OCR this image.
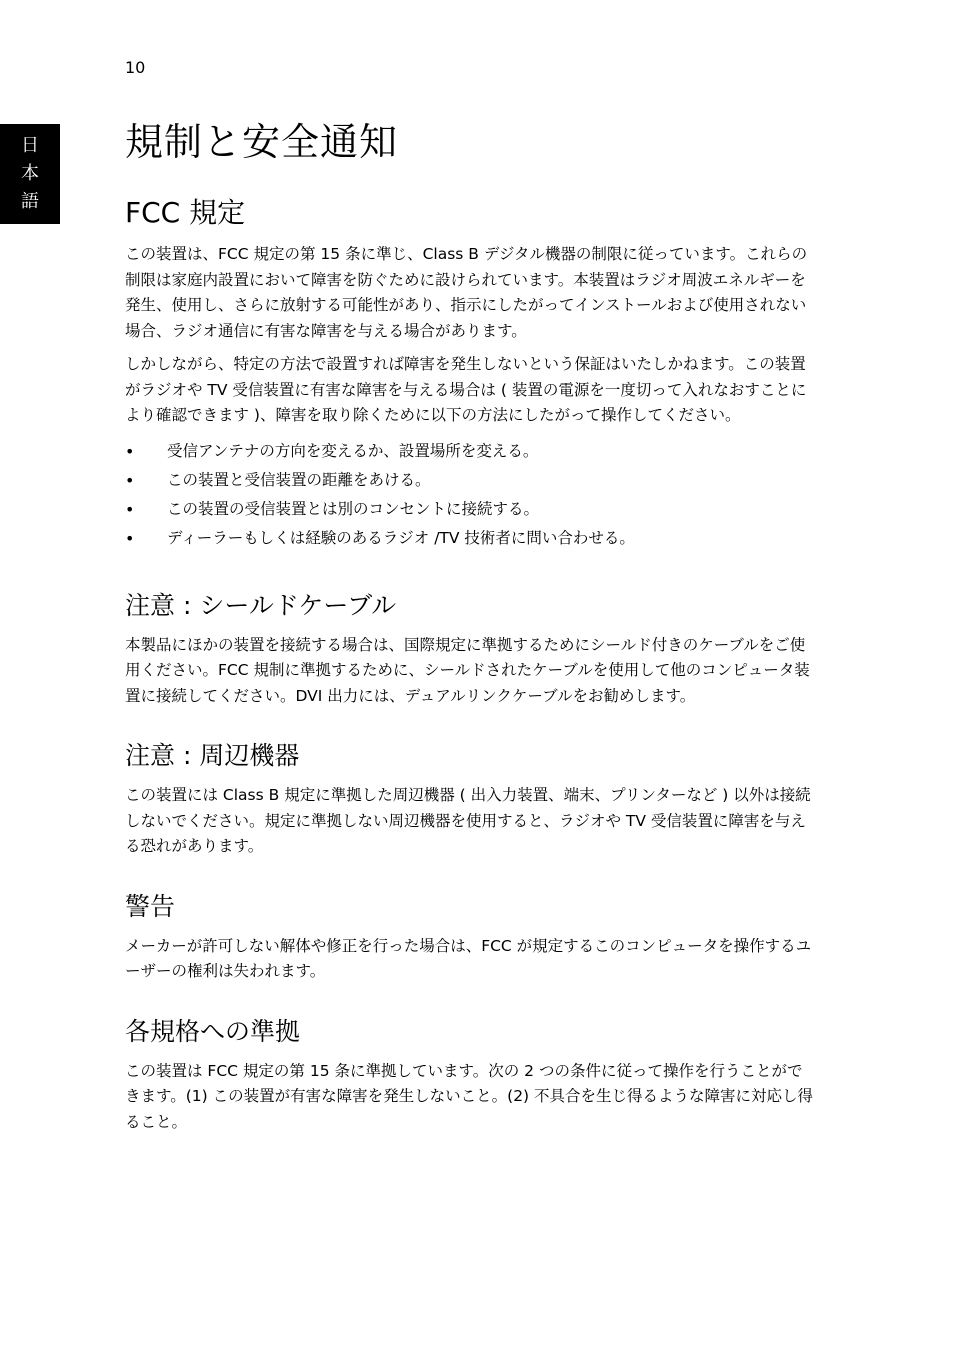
10
日
本
語
規制と安全通知
FCC 規定

この装置は、FCC 規定の第 15 条に準じ、Class B デジタル機器の制限に従っています。これらの制限は家庭内設置において障害を防ぐために設けられています。本装置はラジオ周波エネルギーを発生、使用し、さらに放射する可能性があり、指示にしたがってインストールおよび使用されない場合、ラジオ通信に有害な障害を与える場合があります。

しかしながら、特定の方法で設置すれば障害を発生しないという保証はいたしかねます。この装置がラジオや TV 受信装置に有害な障害を与える場合は ( 装置の電源を一度切って入れなおすことにより確認できます )、障害を取り除くために以下の方法にしたがって操作してください。

• 受信アンテナの方向を変えるか、設置場所を変える。
• この装置と受信装置の距離をあける。
• この装置の受信装置とは別のコンセントに接続する。
• ディーラーもしくは経験のあるラジオ /TV 技術者に問い合わせる。
注意 : シールドケーブル

本製品にほかの装置を接続する場合は、国際規定に準拠するためにシールド付きのケーブルをご使用ください。FCC 規制に準拠するために、シールドされたケーブルを使用して他のコンピュータ装置に接続してください。DVI 出力には、デュアルリンクケーブルをお勧めします。

注意 : 周辺機器

この装置には Class B 規定に準拠した周辺機器 ( 出入力装置、端末、プリンターなど ) 以外は接続しないでください。規定に準拠しない周辺機器を使用すると、ラジオや TV 受信装置に障害を与える恐れがあります。

警告

メーカーが許可しない解体や修正を行った場合は、FCC が規定するこのコンピュータを操作するユーザーの権利は失われます。

各規格への準拠

この装置は FCC 規定の第 15 条に準拠しています。次の 2 つの条件に従って操作を行うことができます。(1) この装置が有害な障害を発生しないこと。(2) 不具合を生じ得るような障害に対応し得ること。
